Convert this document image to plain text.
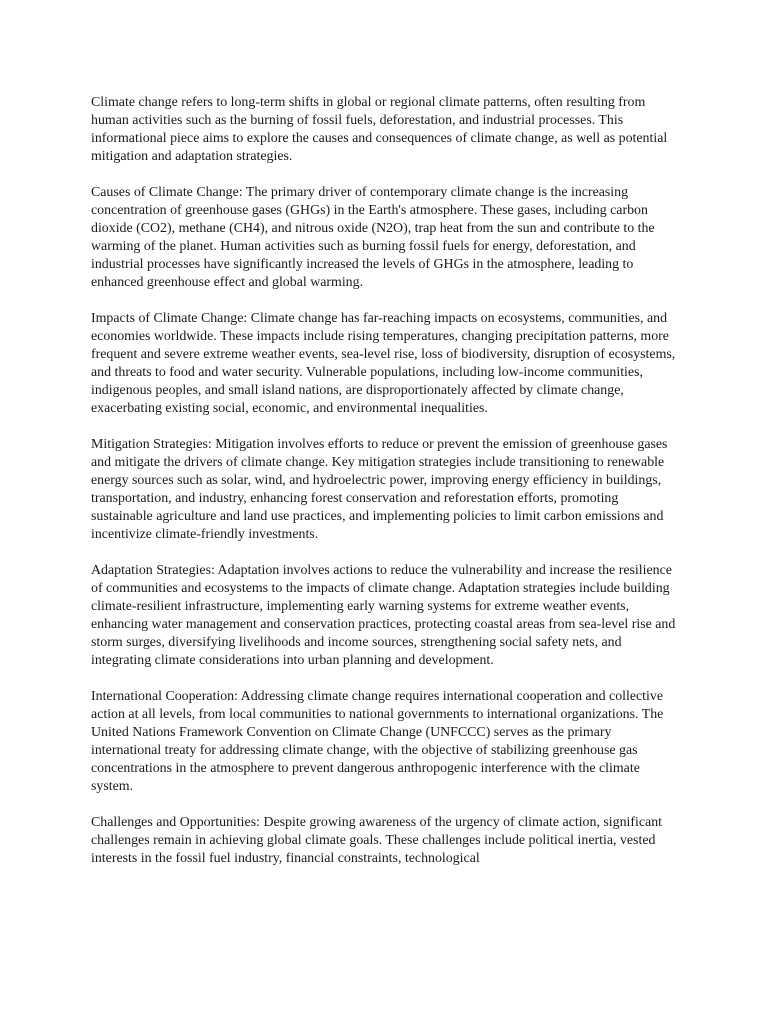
Climate change refers to long-term shifts in global or regional climate patterns, often resulting from human activities such as the burning of fossil fuels, deforestation, and industrial processes. This informational piece aims to explore the causes and consequences of climate change, as well as potential mitigation and adaptation strategies.

Causes of Climate Change: The primary driver of contemporary climate change is the increasing concentration of greenhouse gases (GHGs) in the Earth's atmosphere. These gases, including carbon dioxide (CO2), methane (CH4), and nitrous oxide (N2O), trap heat from the sun and contribute to the warming of the planet. Human activities such as burning fossil fuels for energy, deforestation, and industrial processes have significantly increased the levels of GHGs in the atmosphere, leading to enhanced greenhouse effect and global warming.

Impacts of Climate Change: Climate change has far-reaching impacts on ecosystems, communities, and economies worldwide. These impacts include rising temperatures, changing precipitation patterns, more frequent and severe extreme weather events, sea-level rise, loss of biodiversity, disruption of ecosystems, and threats to food and water security. Vulnerable populations, including low-income communities, indigenous peoples, and small island nations, are disproportionately affected by climate change, exacerbating existing social, economic, and environmental inequalities.

Mitigation Strategies: Mitigation involves efforts to reduce or prevent the emission of greenhouse gases and mitigate the drivers of climate change. Key mitigation strategies include transitioning to renewable energy sources such as solar, wind, and hydroelectric power, improving energy efficiency in buildings, transportation, and industry, enhancing forest conservation and reforestation efforts, promoting sustainable agriculture and land use practices, and implementing policies to limit carbon emissions and incentivize climate-friendly investments.

Adaptation Strategies: Adaptation involves actions to reduce the vulnerability and increase the resilience of communities and ecosystems to the impacts of climate change. Adaptation strategies include building climate-resilient infrastructure, implementing early warning systems for extreme weather events, enhancing water management and conservation practices, protecting coastal areas from sea-level rise and storm surges, diversifying livelihoods and income sources, strengthening social safety nets, and integrating climate considerations into urban planning and development.

International Cooperation: Addressing climate change requires international cooperation and collective action at all levels, from local communities to national governments to international organizations. The United Nations Framework Convention on Climate Change (UNFCCC) serves as the primary international treaty for addressing climate change, with the objective of stabilizing greenhouse gas concentrations in the atmosphere to prevent dangerous anthropogenic interference with the climate system.

Challenges and Opportunities: Despite growing awareness of the urgency of climate action, significant challenges remain in achieving global climate goals. These challenges include political inertia, vested interests in the fossil fuel industry, financial constraints, technological
